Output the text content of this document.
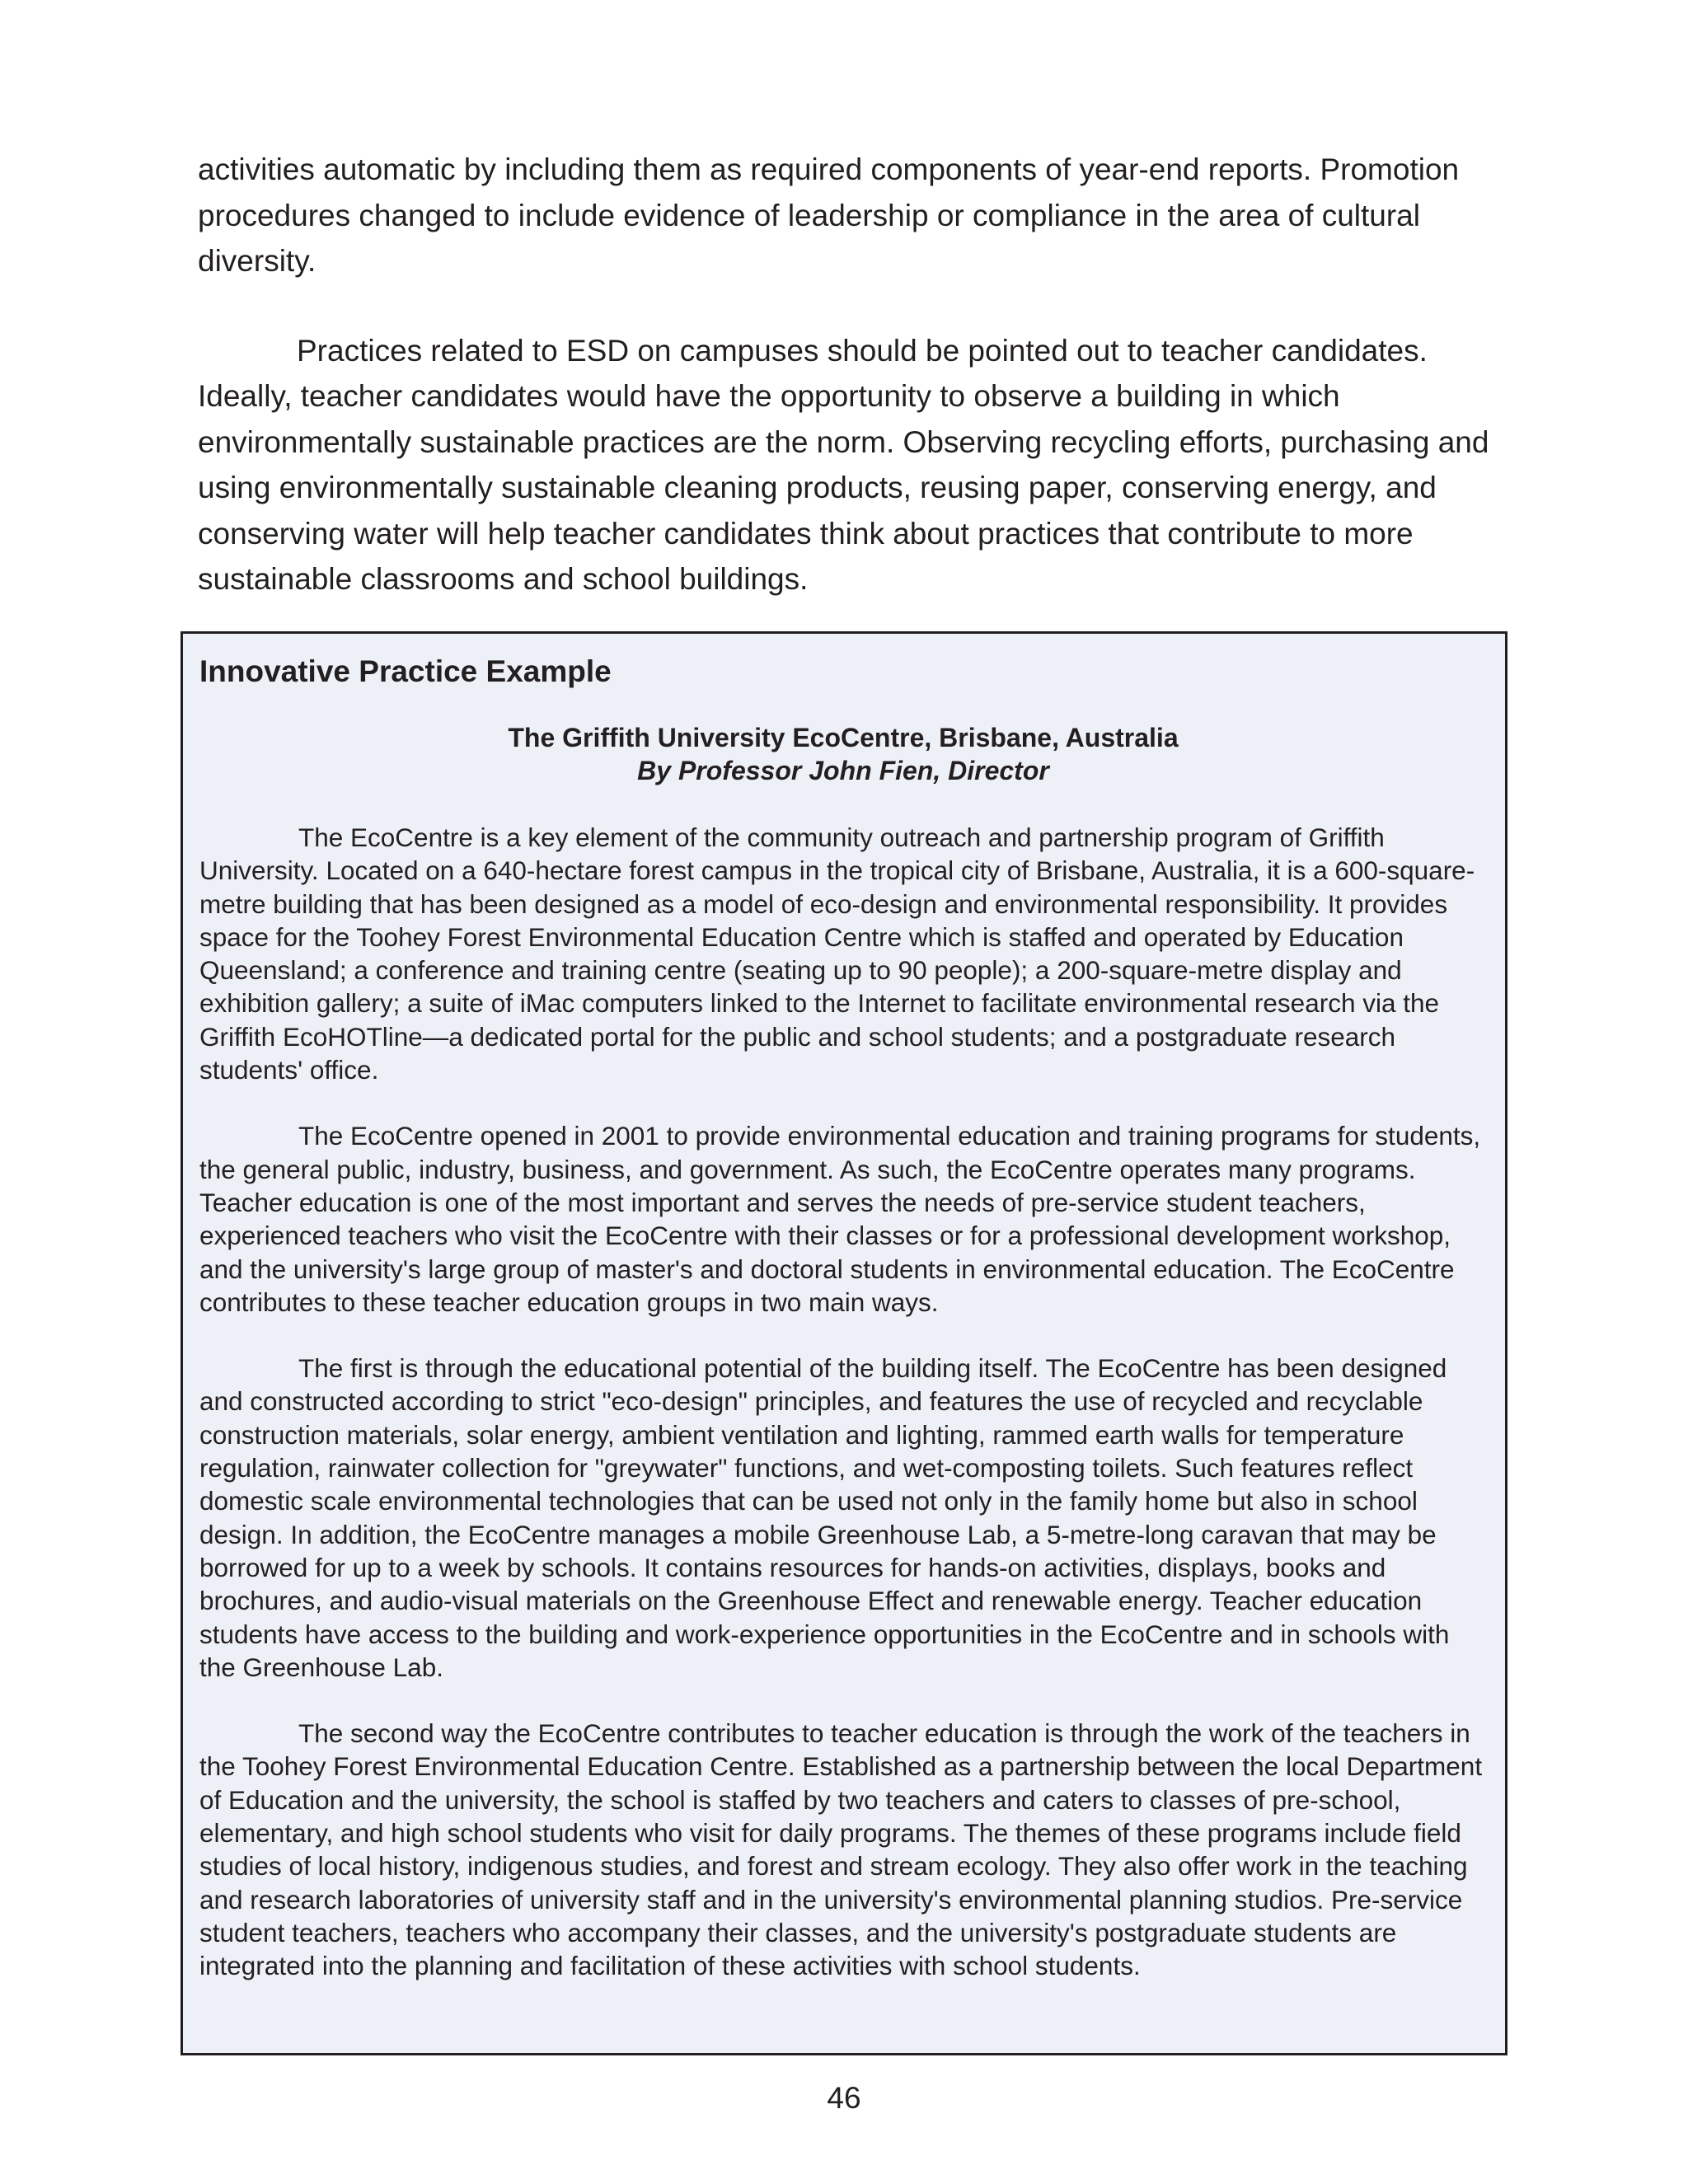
activities automatic by including them as required components of year-end reports. Promotion procedures changed to include evidence of leadership or compliance in the area of cultural diversity.

Practices related to ESD on campuses should be pointed out to teacher candidates. Ideally, teacher candidates would have the opportunity to observe a building in which environmentally sustainable practices are the norm. Observing recycling efforts, purchasing and using environmentally sustainable cleaning products, reusing paper, conserving energy, and conserving water will help teacher candidates think about practices that contribute to more sustainable classrooms and school buildings.

Innovative Practice Example

The Griffith University EcoCentre, Brisbane, Australia

By Professor John Fien, Director

The EcoCentre is a key element of the community outreach and partnership program of Griffith University. Located on a 640-hectare forest campus in the tropical city of Brisbane, Australia, it is a 600-square-metre building that has been designed as a model of eco-design and environmental responsibility. It provides space for the Toohey Forest Environmental Education Centre which is staffed and operated by Education Queensland; a conference and training centre (seating up to 90 people); a 200-square-metre display and exhibition gallery; a suite of iMac computers linked to the Internet to facilitate environmental research via the Griffith EcoHOTline—a dedicated portal for the public and school students; and a postgraduate research students' office.

The EcoCentre opened in 2001 to provide environmental education and training programs for students, the general public, industry, business, and government. As such, the EcoCentre operates many programs. Teacher education is one of the most important and serves the needs of pre-service student teachers, experienced teachers who visit the EcoCentre with their classes or for a professional development workshop, and the university's large group of master's and doctoral students in environmental education. The EcoCentre contributes to these teacher education groups in two main ways.

The first is through the educational potential of the building itself. The EcoCentre has been designed and constructed according to strict "eco-design" principles, and features the use of recycled and recyclable construction materials, solar energy, ambient ventilation and lighting, rammed earth walls for temperature regulation, rainwater collection for "greywater" functions, and wet-composting toilets. Such features reflect domestic scale environmental technologies that can be used not only in the family home but also in school design. In addition, the EcoCentre manages a mobile Greenhouse Lab, a 5-metre-long caravan that may be borrowed for up to a week by schools. It contains resources for hands-on activities, displays, books and brochures, and audio-visual materials on the Greenhouse Effect and renewable energy. Teacher education students have access to the building and work-experience opportunities in the EcoCentre and in schools with the Greenhouse Lab.

The second way the EcoCentre contributes to teacher education is through the work of the teachers in the Toohey Forest Environmental Education Centre. Established as a partnership between the local Department of Education and the university, the school is staffed by two teachers and caters to classes of pre-school, elementary, and high school students who visit for daily programs. The themes of these programs include field studies of local history, indigenous studies, and forest and stream ecology. They also offer work in the teaching and research laboratories of university staff and in the university's environmental planning studios. Pre-service student teachers, teachers who accompany their classes, and the university's postgraduate students are integrated into the planning and facilitation of these activities with school students.

46
